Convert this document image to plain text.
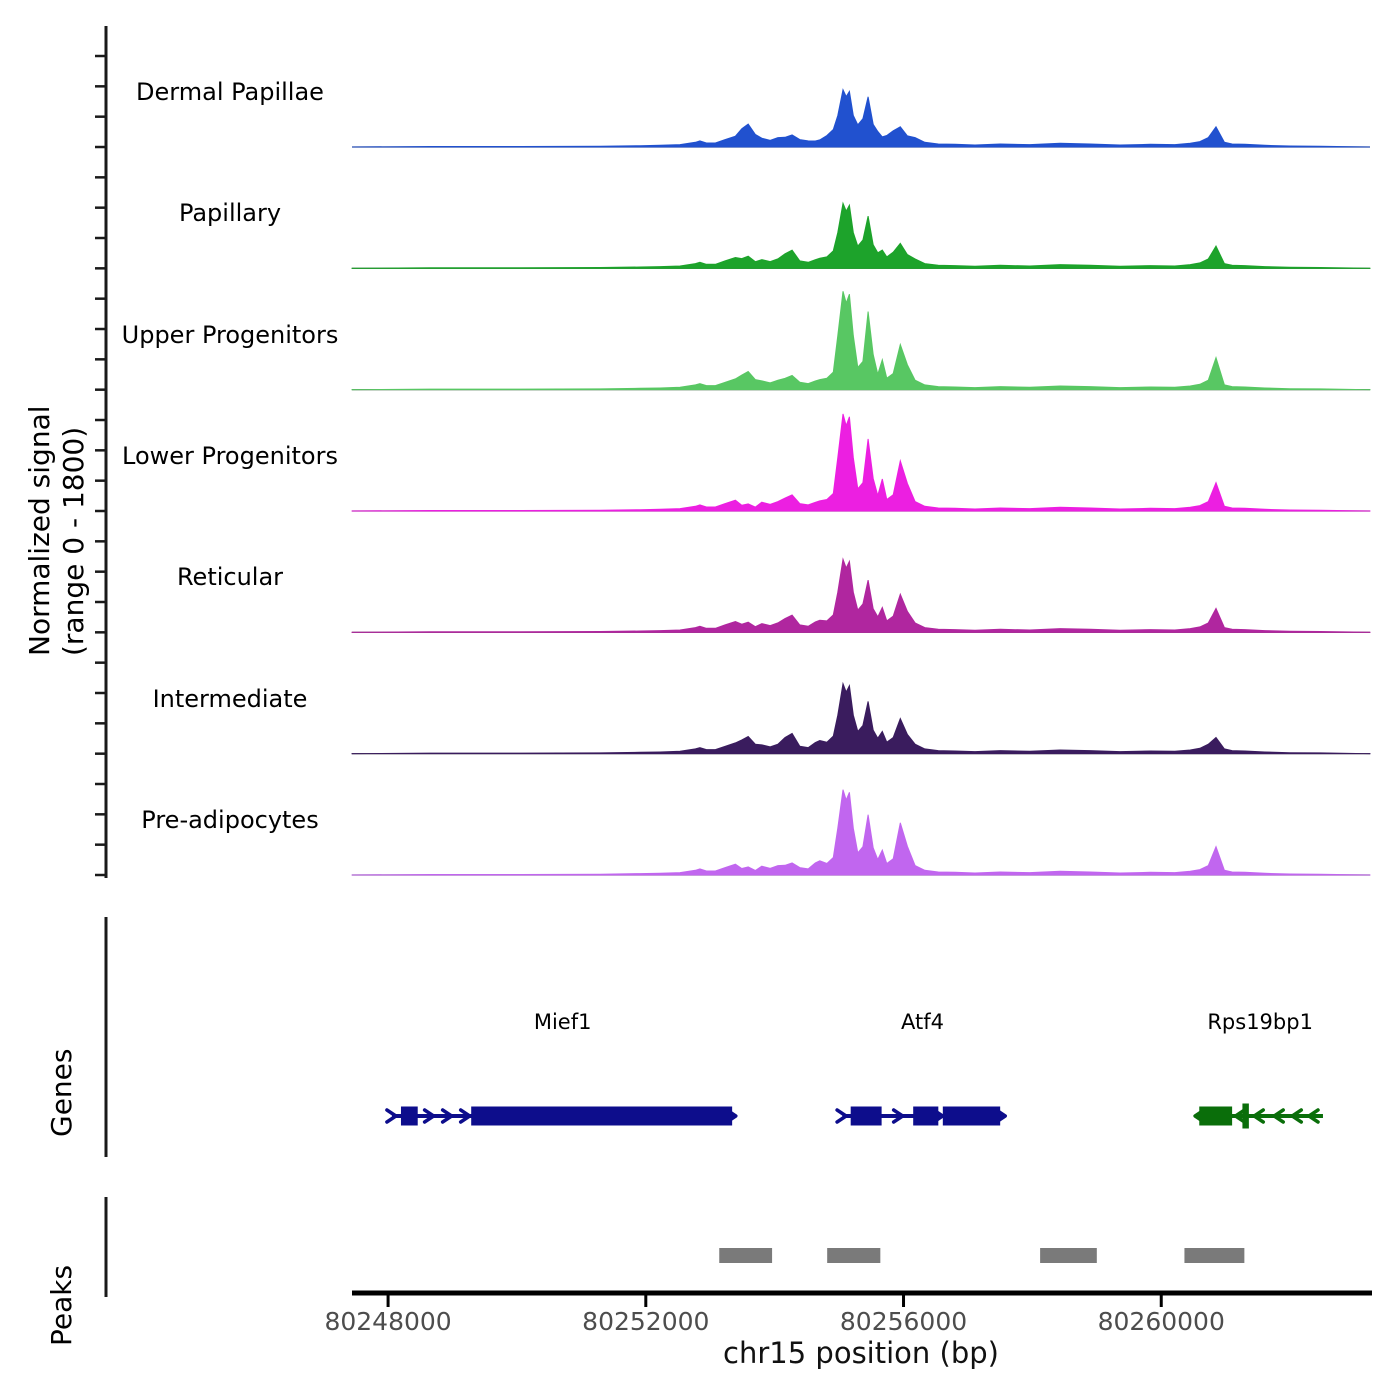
Normalized signal (range 0 - 1800)
Dermal Papillae
Papillary
Upper Progenitors
Lower Progenitors
Reticular
Intermediate
Pre-adipocytes
Genes
Peaks
Mief1	Atf4	Rps19bp1
80248000	80252000	80256000	80260000
chr15 position (bp)
